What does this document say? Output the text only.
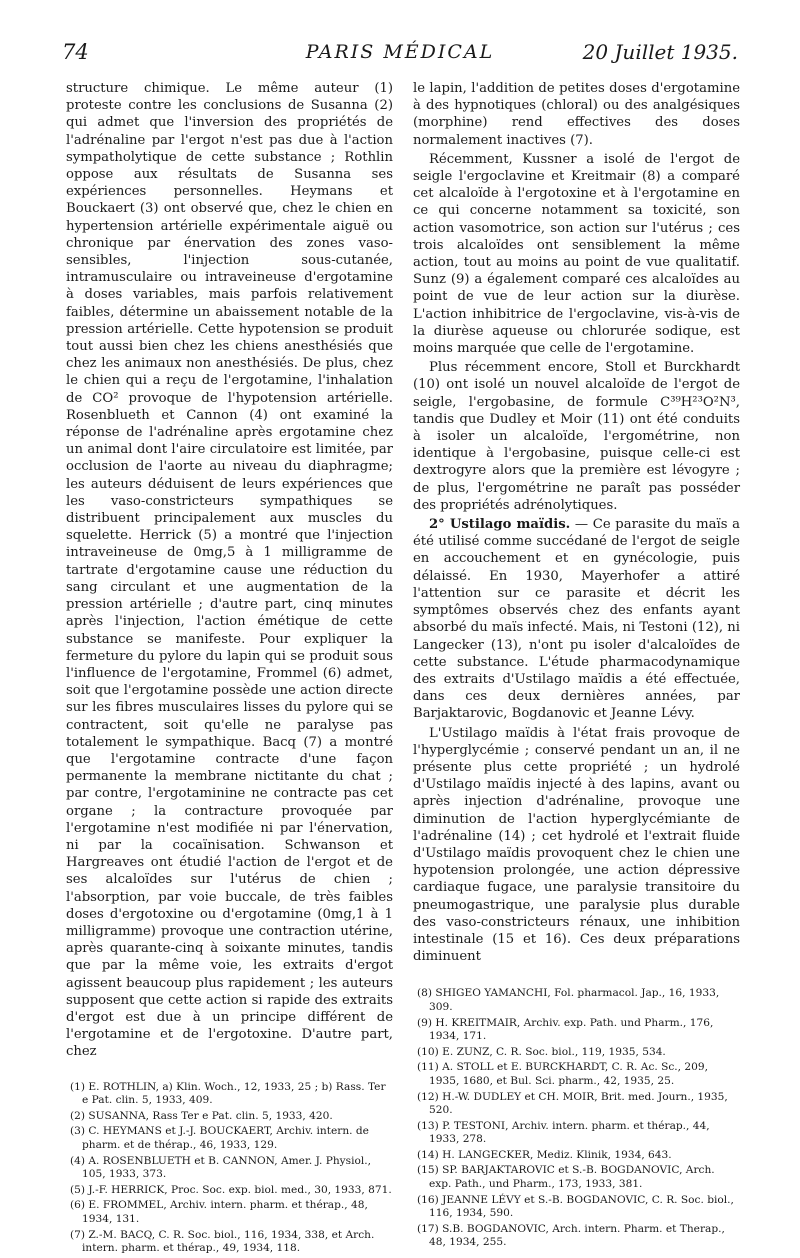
74	PARIS MÉDICAL	20 Juillet 1935.

structure chimique. Le même auteur (1) proteste contre les conclusions de Susanna (2) qui admet que l'inversion des propriétés de l'adrénaline par l'ergot n'est pas due à l'action sympatholytique de cette substance ; Rothlin oppose aux résultats de Susanna ses expériences personnelles. Heymans et Bouckaert (3) ont observé que, chez le chien en hypertension artérielle expérimentale aiguë ou chronique par énervation des zones vaso-sensibles, l'injection sous-cutanée, intramusculaire ou intraveineuse d'ergotamine à doses variables, mais parfois relativement faibles, détermine un abaissement notable de la pression artérielle. Cette hypotension se produit tout aussi bien chez les chiens anesthésiés que chez les animaux non anesthésiés. De plus, chez le chien qui a reçu de l'ergotamine, l'inhalation de CO² provoque de l'hypotension artérielle. Rosenblueth et Cannon (4) ont examiné la réponse de l'adrénaline après ergotamine chez un animal dont l'aire circulatoire est limitée, par occlusion de l'aorte au niveau du diaphragme; les auteurs déduisent de leurs expériences que les vaso-constricteurs sympathiques se distribuent principalement aux muscles du squelette. Herrick (5) a montré que l'injection intraveineuse de 0mg,5 à 1 milligramme de tartrate d'ergotamine cause une réduction du sang circulant et une augmentation de la pression artérielle ; d'autre part, cinq minutes après l'injection, l'action émétique de cette substance se manifeste. Pour expliquer la fermeture du pylore du lapin qui se produit sous l'influence de l'ergotamine, Frommel (6) admet, soit que l'ergotamine possède une action directe sur les fibres musculaires lisses du pylore qui se contractent, soit qu'elle ne paralyse pas totalement le sympathique. Bacq (7) a montré que l'ergotamine contracte d'une façon permanente la membrane nictitante du chat ; par contre, l'ergotaminine ne contracte pas cet organe ; la contracture provoquée par l'ergotamine n'est modifiée ni par l'énervation, ni par la cocaïnisation. Schwanson et Hargreaves ont étudié l'action de l'ergot et de ses alcaloïdes sur l'utérus de chien ; l'absorption, par voie buccale, de très faibles doses d'ergotoxine ou d'ergotamine (0mg,1 à 1 milligramme) provoque une contraction utérine, après quarante-cinq à soixante minutes, tandis que par la même voie, les extraits d'ergot agissent beaucoup plus rapidement ; les auteurs supposent que cette action si rapide des extraits d'ergot est due à un principe différent de l'ergotamine et de l'ergotoxine. D'autre part, chez

(1) E. ROTHLIN, a) Klin. Woch., 12, 1933, 25 ; b) Rass. Ter e Pat. clin. 5, 1933, 409.
(2) SUSANNA, Rass Ter e Pat. clin. 5, 1933, 420.
(3) C. HEYMANS et J.-J. BOUCKAERT, Archiv. intern. de pharm. et de thérap., 46, 1933, 129.
(4) A. ROSENBLUETH et B. CANNON, Amer. J. Physiol., 105, 1933, 373.
(5) J.-F. HERRICK, Proc. Soc. exp. biol. med., 30, 1933, 871.
(6) E. FROMMEL, Archiv. intern. pharm. et thérap., 48, 1934, 131.
(7) Z.-M. BACQ, C. R. Soc. biol., 116, 1934, 338, et Arch. intern. pharm. et thérap., 49, 1934, 118.

le lapin, l'addition de petites doses d'ergotamine à des hypnotiques (chloral) ou des analgésiques (morphine) rend effectives des doses normalement inactives (7).

Récemment, Kussner a isolé de l'ergot de seigle l'ergoclavine et Kreitmair (8) a comparé cet alcaloïde à l'ergotoxine et à l'ergotamine en ce qui concerne notamment sa toxicité, son action vasomotrice, son action sur l'utérus ; ces trois alcaloïdes ont sensiblement la même action, tout au moins au point de vue qualitatif. Sunz (9) a également comparé ces alcaloïdes au point de vue de leur action sur la diurèse. L'action inhibitrice de l'ergoclavine, vis-à-vis de la diurèse aqueuse ou chlorurée sodique, est moins marquée que celle de l'ergotamine.

Plus récemment encore, Stoll et Burckhardt (10) ont isolé un nouvel alcaloïde de l'ergot de seigle, l'ergobasine, de formule C³⁹H²³O²N³, tandis que Dudley et Moir (11) ont été conduits à isoler un alcaloïde, l'ergométrine, non identique à l'ergobasine, puisque celle-ci est dextrogyre alors que la première est lévogyre ; de plus, l'ergométrine ne paraît pas posséder des propriétés adrénolytiques.

2° Ustilago maïdis. — Ce parasite du maïs a été utilisé comme succédané de l'ergot de seigle en accouchement et en gynécologie, puis délaissé. En 1930, Mayerhofer a attiré l'attention sur ce parasite et décrit les symptômes observés chez des enfants ayant absorbé du maïs infecté. Mais, ni Testoni (12), ni Langecker (13), n'ont pu isoler d'alcaloïdes de cette substance. L'étude pharmacodynamique des extraits d'Ustilago maïdis a été effectuée, dans ces deux dernières années, par Barjaktarovic, Bogdanovic et Jeanne Lévy.

L'Ustilago maïdis à l'état frais provoque de l'hyperglycémie ; conservé pendant un an, il ne présente plus cette propriété ; un hydrolé d'Ustilago maïdis injecté à des lapins, avant ou après injection d'adrénaline, provoque une diminution de l'action hyperglycémiante de l'adrénaline (14) ; cet hydrolé et l'extrait fluide d'Ustilago maïdis provoquent chez le chien une hypotension prolongée, une action dépressive cardiaque fugace, une paralysie transitoire du pneumogastrique, une paralysie plus durable des vaso-constricteurs rénaux, une inhibition intestinale (15 et 16). Ces deux préparations diminuent

(8) SHIGEO YAMANCHI, Fol. pharmacol. Jap., 16, 1933, 309.
(9) H. KREITMAIR, Archiv. exp. Path. und Pharm., 176, 1934, 171.
(10) E. ZUNZ, C. R. Soc. biol., 119, 1935, 534.
(11) A. STOLL et E. BURCKHARDT, C. R. Ac. Sc., 209, 1935, 1680, et Bul. Sci. pharm., 42, 1935, 25.
(12) H.-W. DUDLEY et CH. MOIR, Brit. med. Journ., 1935, 520.
(13) P. TESTONI, Archiv. intern. pharm. et thérap., 44, 1933, 278.
(14) H. LANGECKER, Mediz. Klinik, 1934, 643.
(15) SP. BARJAKTAROVIC et S.-B. BOGDANOVIC, Arch. exp. Path., und Pharm., 173, 1933, 381.
(16) JEANNE LÉVY et S.-B. BOGDANOVIC, C. R. Soc. biol., 116, 1934, 590.
(17) S.B. BOGDANOVIC, Arch. intern. Pharm. et Therap., 48, 1934, 255.
